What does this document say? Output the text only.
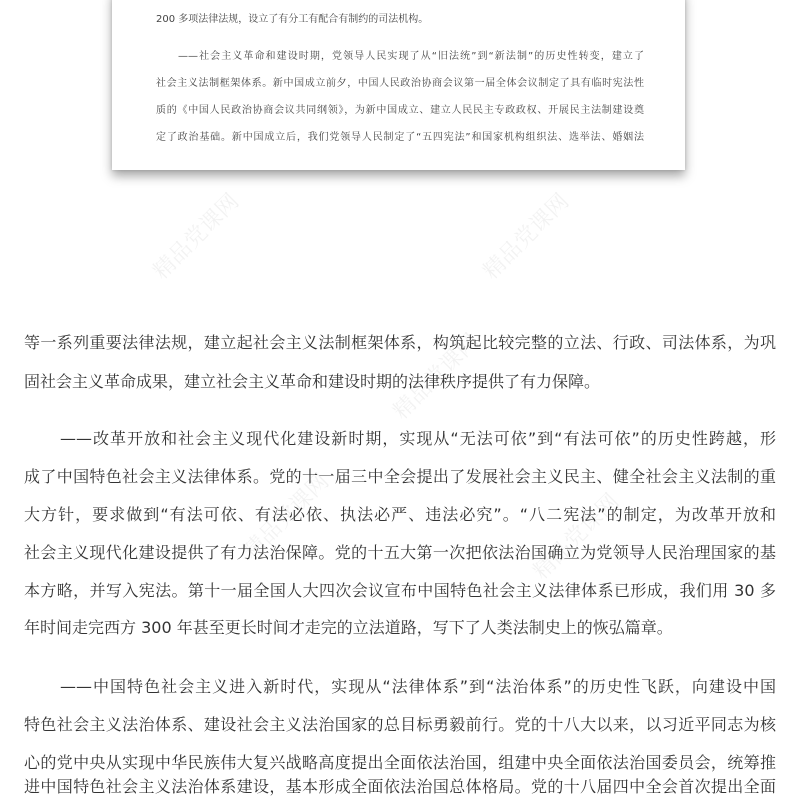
精品党课网	精品党课网
精品党课网
精品党课网	精品党课网
200 多项法律法规，设立了有分工有配合有制约的司法机构。
——社会主义革命和建设时期，党领导人民实现了从“旧法统”到“新法制”的历史性转变，建立了
社会主义法制框架体系。新中国成立前夕，中国人民政治协商会议第一届全体会议制定了具有临时宪法性
质的《中国人民政治协商会议共同纲领》，为新中国成立、建立人民民主专政政权、开展民主法制建设奠
定了政治基础。新中国成立后，我们党领导人民制定了“五四宪法”和国家机构组织法、选举法、婚姻法
等一系列重要法律法规，建立起社会主义法制框架体系，构筑起比较完整的立法、行政、司法体系，为巩
固社会主义革命成果，建立社会主义革命和建设时期的法律秩序提供了有力保障。
——改革开放和社会主义现代化建设新时期，实现从“无法可依”到“有法可依”的历史性跨越，形
成了中国特色社会主义法律体系。党的十一届三中全会提出了发展社会主义民主、健全社会主义法制的重
大方针，要求做到“有法可依、有法必依、执法必严、违法必究”。“八二宪法”的制定，为改革开放和
社会主义现代化建设提供了有力法治保障。党的十五大第一次把依法治国确立为党领导人民治理国家的基
本方略，并写入宪法。第十一届全国人大四次会议宣布中国特色社会主义法律体系已形成，我们用 30 多
年时间走完西方 300 年甚至更长时间才走完的立法道路，写下了人类法制史上的恢弘篇章。
——中国特色社会主义进入新时代，实现从“法律体系”到“法治体系”的历史性飞跃，向建设中国
特色社会主义法治体系、建设社会主义法治国家的总目标勇毅前行。党的十八大以来，以习近平同志为核
心的党中央从实现中华民族伟大复兴战略高度提出全面依法治国，组建中央全面依法治国委员会，统筹推
进中国特色社会主义法治体系建设，基本形成全面依法治国总体格局。党的十八届四中全会首次提出全面
